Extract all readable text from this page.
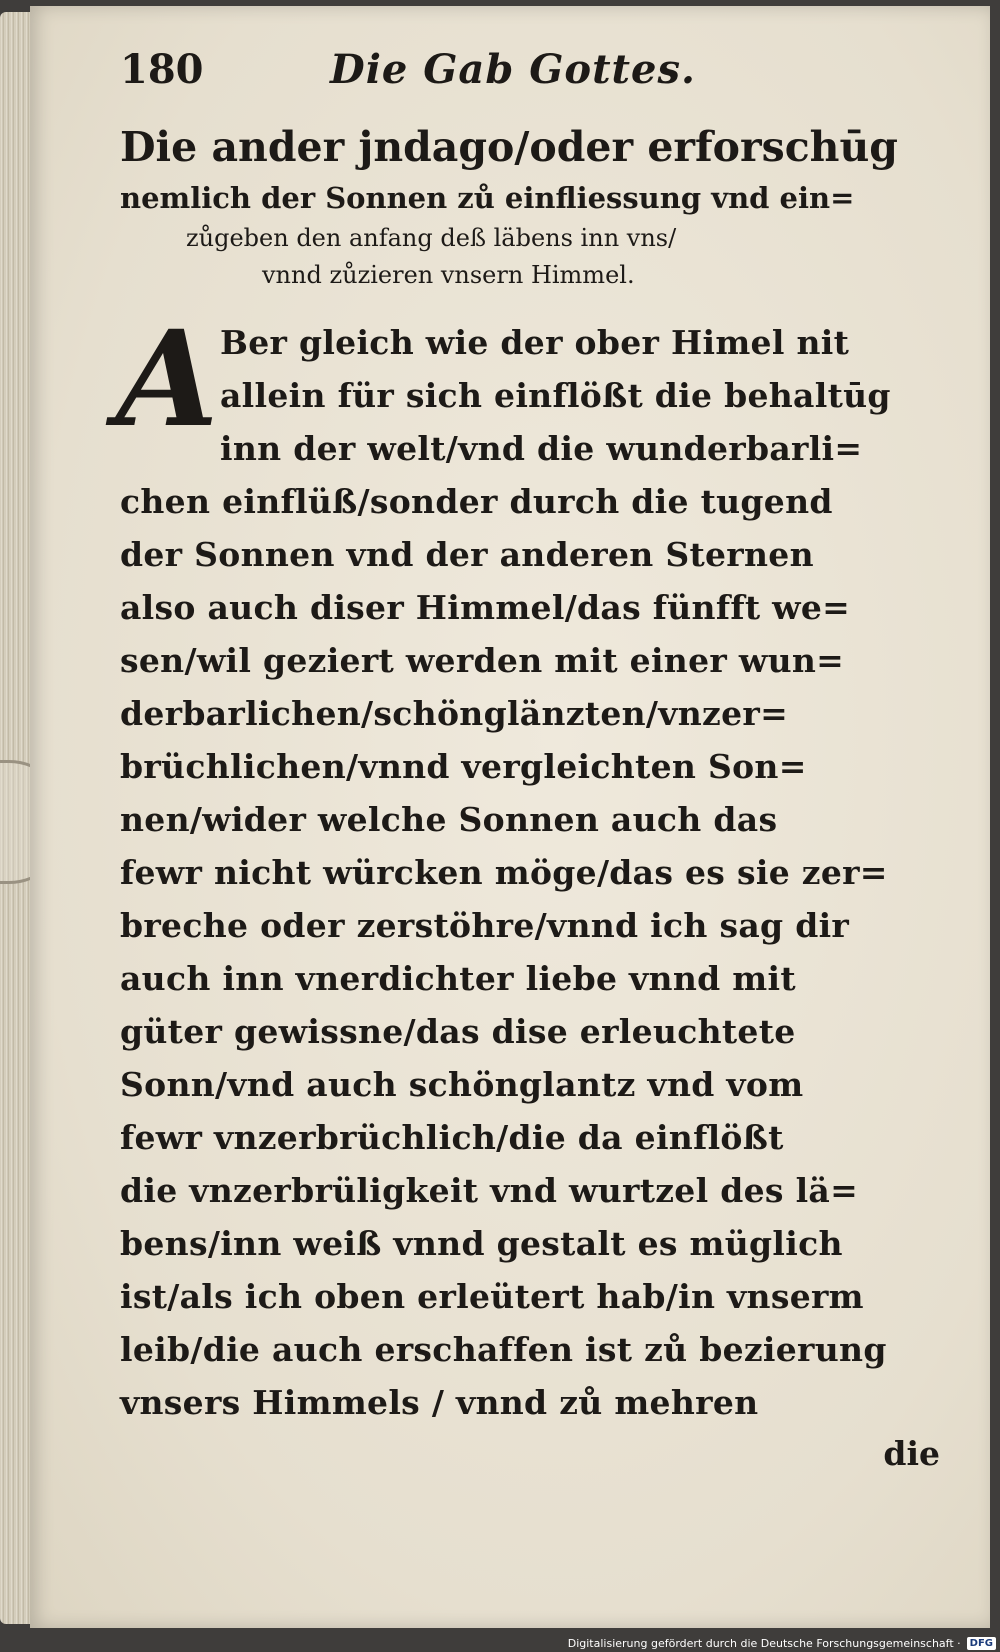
180	Die Gab Gottes.
Die ander jndago/oder erforschūg
nemlich der Sonnen zů einfliessung vnd ein=
zůgeben den anfang deß läbens inn vns/
vnnd zůzieren vnsern Himmel.
A Ber gleich wie der ober Himel nit
allein für sich einflößt die behaltūg
inn der welt/vnd die wunderbarli=
chen einflüß/sonder durch die tugend
der Sonnen vnd der anderen Sternen
also auch diser Himmel/das fünfft we=
sen/wil geziert werden mit einer wun=
derbarlichen/schönglänzten/vnzer=
brüchlichen/vnnd vergleichten Son=
nen/wider welche Sonnen auch das
fewr nicht würcken möge/das es sie zer=
breche oder zerstöhre/vnnd ich sag dir
auch inn vnerdichter liebe vnnd mit
güter gewissne/das dise erleuchtete
Sonn/vnd auch schönglantz vnd vom
fewr vnzerbrüchlich/die da einflößt
die vnzerbrüligkeit vnd wurtzel des lä=
bens/inn weiß vnnd gestalt es müglich
ist/als ich oben erleütert hab/in vnserm
leib/die auch erschaffen ist zů bezierung
vnsers Himmels / vnnd zů mehren
die
Digitalisierung gefördert durch die Deutsche Forschungsgemeinschaft · DFG
